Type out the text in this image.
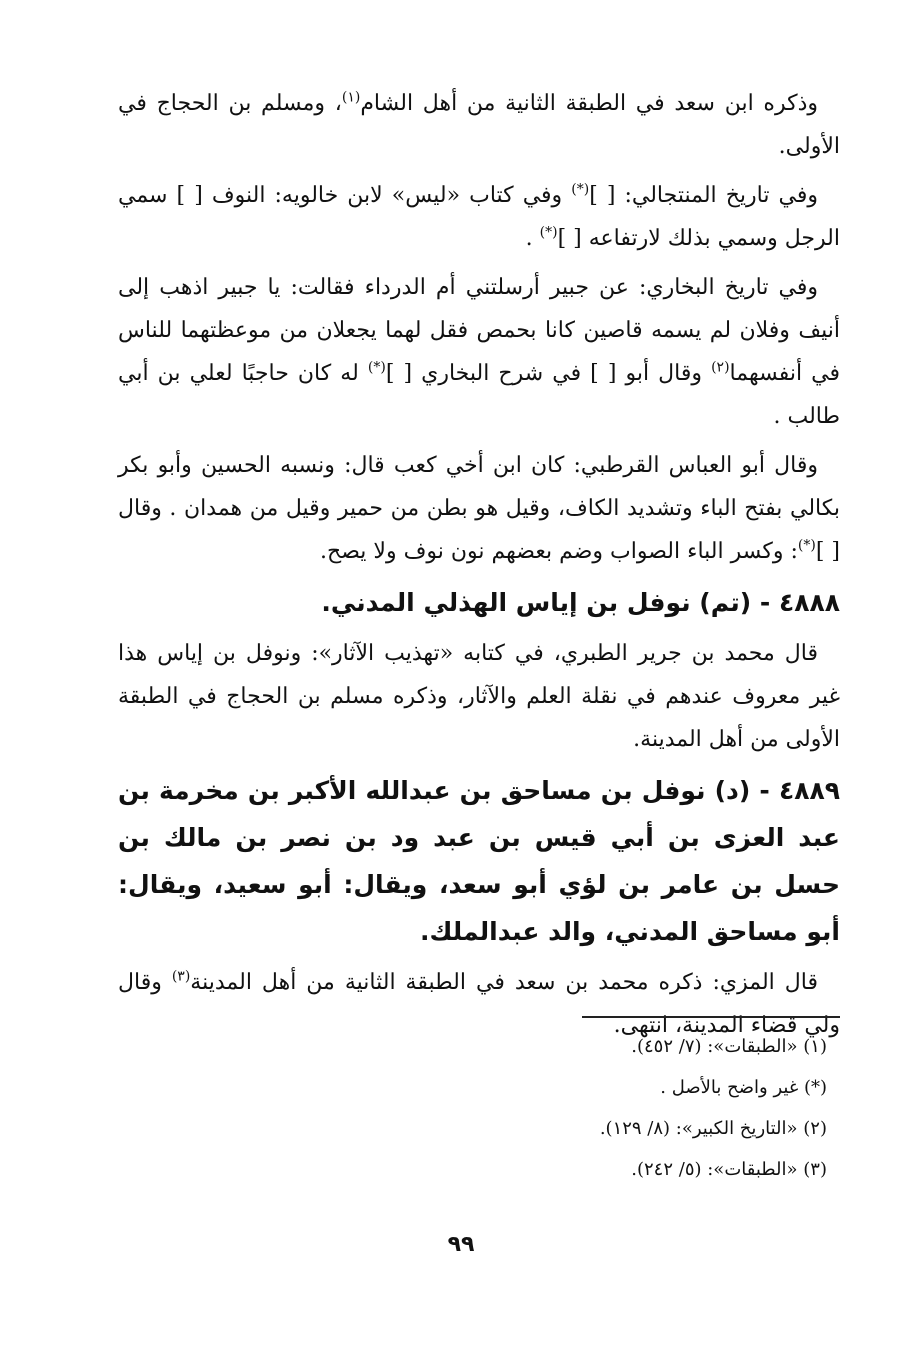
وذكره ابن سعد في الطبقة الثانية من أهل الشام$^{(١)}$، ومسلم بن الحجاج في الأولى.

وفي تاريخ المنتجالي: [ ](*) وفي كتاب «ليس» لابن خالويه: النوف [ ] سمي الرجل وسمي بذلك لارتفاعه [ ](*) .

وفي تاريخ البخاري: عن جبير أرسلتني أم الدرداء فقالت: يا جبير اذهب إلى أنيف وفلان لم يسمه قاصين كانا بحمص فقل لهما يجعلان من موعظتهما للناس في أنفسهما$^{(٢)}$ وقال أبو [ ] في شرح البخاري [ ](*) له كان حاجبًا لعلي بن أبي طالب .

وقال أبو العباس القرطبي: كان ابن أخي كعب قال: ونسبه الحسين وأبو بكر بكالي بفتح الباء وتشديد الكاف، وقيل هو بطن من حمير وقيل من همدان . وقال [ ](*): وكسر الباء الصواب وضم بعضهم نون نوف ولا يصح.

٤٨٨٨ - (تم) نوفل بن إياس الهذلي المدني.

قال محمد بن جرير الطبري، في كتابه «تهذيب الآثار»: ونوفل بن إياس هذا غير معروف عندهم في نقلة العلم والآثار، وذكره مسلم بن الحجاج في الطبقة الأولى من أهل المدينة.

٤٨٨٩ - (د) نوفل بن مساحق بن عبدالله الأكبر بن مخرمة بن عبد العزى بن أبي قيس بن عبد ود بن نصر بن مالك بن حسل بن عامر بن لؤي أبو سعد، ويقال: أبو سعيد، ويقال: أبو مساحق المدني، والد عبدالملك.

قال المزي: ذكره محمد بن سعد في الطبقة الثانية من أهل المدينة$^{(٣)}$ وقال ولي قضاء المدينة، انتهى.

(١) «الطبقات»: (٧/ ٤٥٢).

(*) غير واضح بالأصل .

(٢) «التاريخ الكبير»: (٨/ ١٢٩).

(٣) «الطبقات»: (٥/ ٢٤٢).

٩٩
